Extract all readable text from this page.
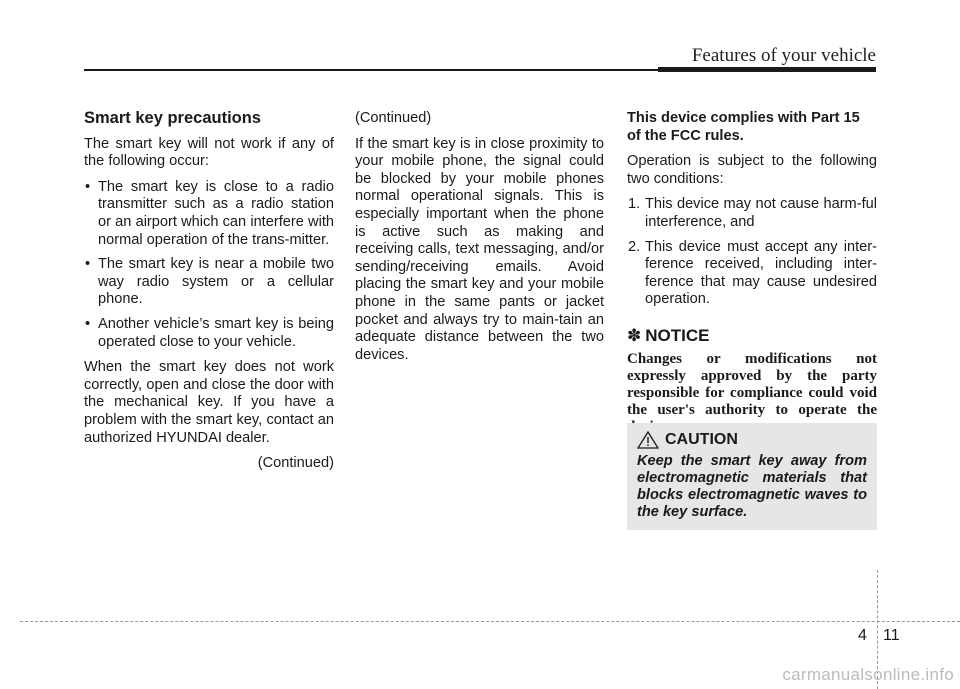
Features of your vehicle
Smart key precautions

The smart key will not work if any of the following occur:

• The smart key is close to a radio transmitter such as a radio station or an airport which can interfere with normal operation of the trans-mitter.
• The smart key is near a mobile two way radio system or a cellular phone.
• Another vehicle’s smart key is being operated close to your vehicle.

When the smart key does not work correctly, open and close the door with the mechanical key. If you have a problem with the smart key, contact an authorized HYUNDAI dealer.

(Continued)

(Continued)

If the smart key is in close proximity to your mobile phone, the signal could be blocked by your mobile phones normal operational signals. This is especially important when the phone is active such as making and receiving calls, text messaging, and/or sending/receiving emails. Avoid placing the smart key and your mobile phone in the same pants or jacket pocket and always try to main-tain an adequate distance between the two devices.

This device complies with Part 15 of the FCC rules.

Operation is subject to the following two conditions:

1. This device may not cause harm-ful interference, and
2. This device must accept any inter-ference received, including inter-ference that may cause undesired operation.
✽ NOTICE

Changes or modifications not expressly approved by the party responsible for compliance could void the user's authority to operate the

CAUTION
Keep the smart key away from electromagnetic materials that blocks electromagnetic waves to the key surface.
4 11
carmanualsonline.info
